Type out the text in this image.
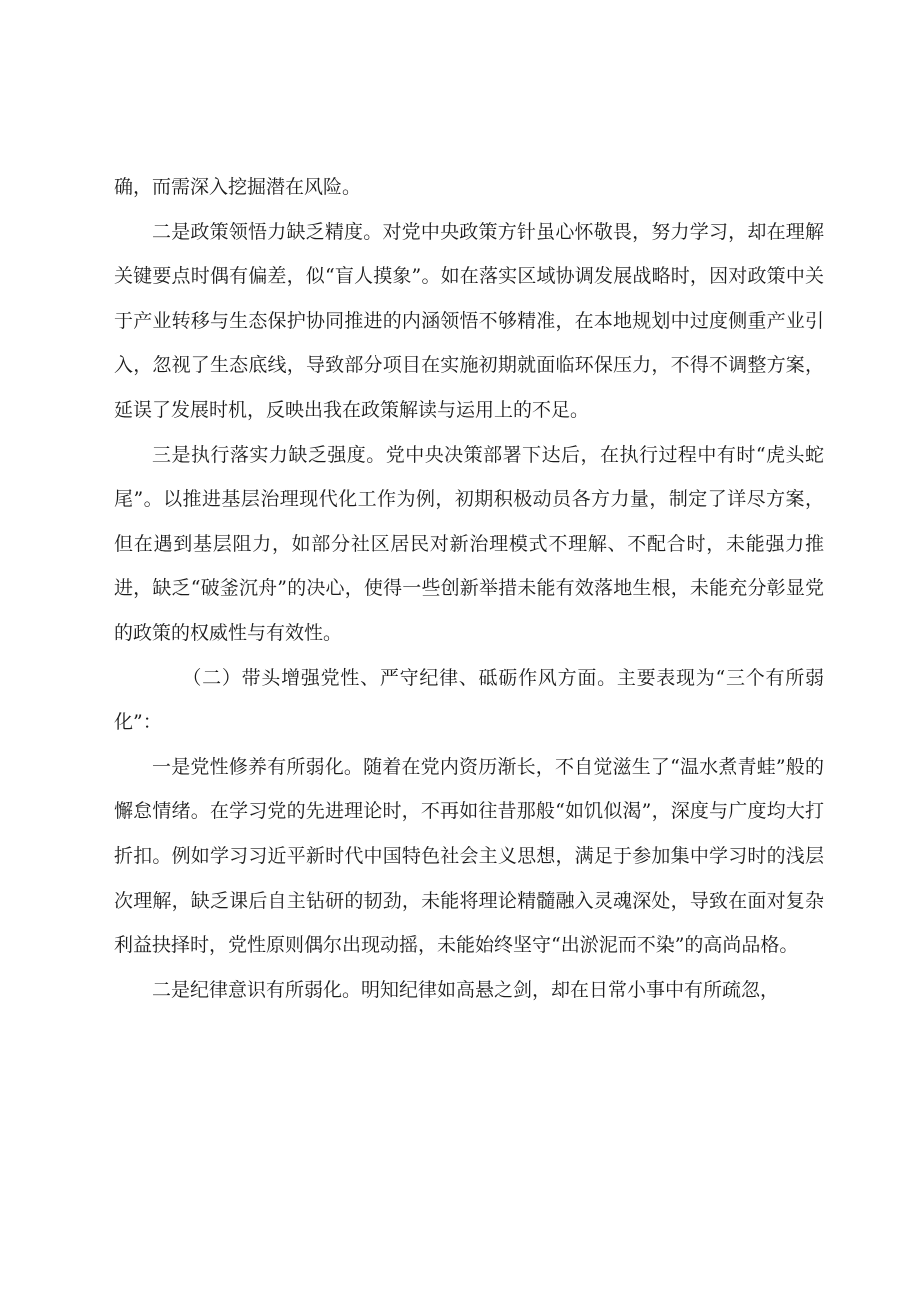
确，而需深入挖掘潜在风险。

二是政策领悟力缺乏精度。对党中央政策方针虽心怀敬畏，努力学习，却在理解关键要点时偶有偏差，似“盲人摸象”。如在落实区域协调发展战略时，因对政策中关于产业转移与生态保护协同推进的内涵领悟不够精准，在本地规划中过度侧重产业引入，忽视了生态底线，导致部分项目在实施初期就面临环保压力，不得不调整方案，延误了发展时机，反映出我在政策解读与运用上的不足。

三是执行落实力缺乏强度。党中央决策部署下达后，在执行过程中有时“虎头蛇尾”。以推进基层治理现代化工作为例，初期积极动员各方力量，制定了详尽方案，但在遇到基层阻力，如部分社区居民对新治理模式不理解、不配合时，未能强力推进，缺乏“破釜沉舟”的决心，使得一些创新举措未能有效落地生根，未能充分彰显党的政策的权威性与有效性。

（二）带头增强党性、严守纪律、砥砺作风方面。主要表现为“三个有所弱化”：

一是党性修养有所弱化。随着在党内资历渐长，不自觉滋生了“温水煮青蛙”般的懈怠情绪。在学习党的先进理论时，不再如往昔那般“如饥似渴”，深度与广度均大打折扣。例如学习习近平新时代中国特色社会主义思想，满足于参加集中学习时的浅层次理解，缺乏课后自主钻研的韧劲，未能将理论精髓融入灵魂深处，导致在面对复杂利益抉择时，党性原则偶尔出现动摇，未能始终坚守“出淤泥而不染”的高尚品格。

二是纪律意识有所弱化。明知纪律如高悬之剑，却在日常小事中有所疏忽，
